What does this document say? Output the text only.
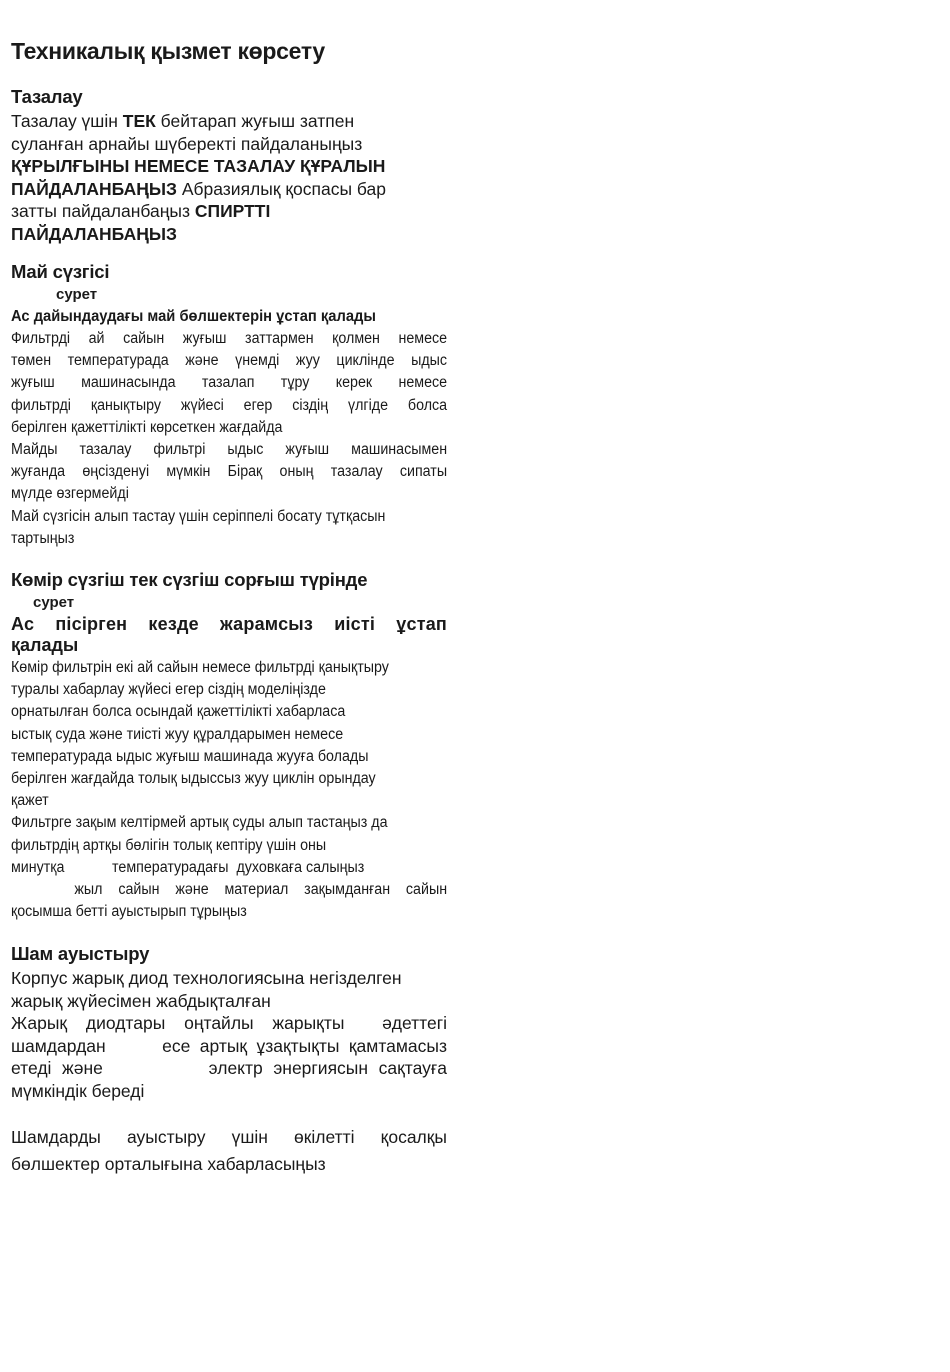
Техникалық қызмет көрсету
Тазалау
Тазалау үшін ТЕК бейтарап жуғыш затпен
суланған арнайы шүберекті пайдаланыңыз
ҚҰРЫЛҒЫНЫ НЕМЕСЕ ТАЗАЛАУ ҚҰРАЛЫН
ПАЙДАЛАНБАҢЫЗ Абразиялық қоспасы бар
затты пайдаланбаңыз СПИРТТІ
ПАЙДАЛАНБАҢЫЗ
Май сүзгісі
сурет
Ас дайындаудағы май бөлшектерін ұстап қалады

Фильтрді ай сайын жуғыш заттармен қолмен немесе
төмен температурада және үнемді жуу циклінде ыдыс
жуғыш машинасында тазалап тұру керек немесе
фильтрді қанықтыру жүйесі егер сіздің үлгіде болса
берілген қажеттілікті көрсеткен жағдайда

Майды тазалау фильтрі ыдыс жуғыш машинасымен
жуғанда өңсізденуі мүмкін Бірақ оның тазалау сипаты
мүлде өзгермейді

Май сүзгісін алып тастау үшін серіппелі босату тұтқасын
тартыңыз

Көмір сүзгіш тек сүзгіш сорғыш түрінде
сурет
Ас пісірген кезде жарамсыз иісті ұстап
қалады

Көмір фильтрін екі ай сайын немесе фильтрді қанықтыру
туралы хабарлау жүйесі егер сіздің моделіңізде
орнатылған болса осындай қажеттілікті хабарласа
ыстық суда және тиісті жуу құралдарымен немесе
температурада ыдыс жуғыш машинада жууға болады
берілген жағдайда толық ыдыссыз жуу циклін орындау
қажет

Фильтрге зақым келтірмей артық суды алып тастаңыз да
фильтрдің артқы бөлігін толық кептіру үшін оны
минутқа            температурадағы  духовкаға салыңыз
жыл сайын және материал зақымданған сайын
қосымша бетті ауыстырып тұрыңыз

Шам ауыстыру

Корпус жарық диод технологиясына негізделген
жарық жүйесімен жабдықталған

Жарық диодтары оңтайлы жарықты  әдеттегі
шамдардан      есе артық ұзақтықты қамтамасыз
етеді және          электр энергиясын сақтауға
мүмкіндік береді

Шамдарды ауыстыру үшін өкілетті қосалқы
бөлшектер орталығына хабарласыңыз
